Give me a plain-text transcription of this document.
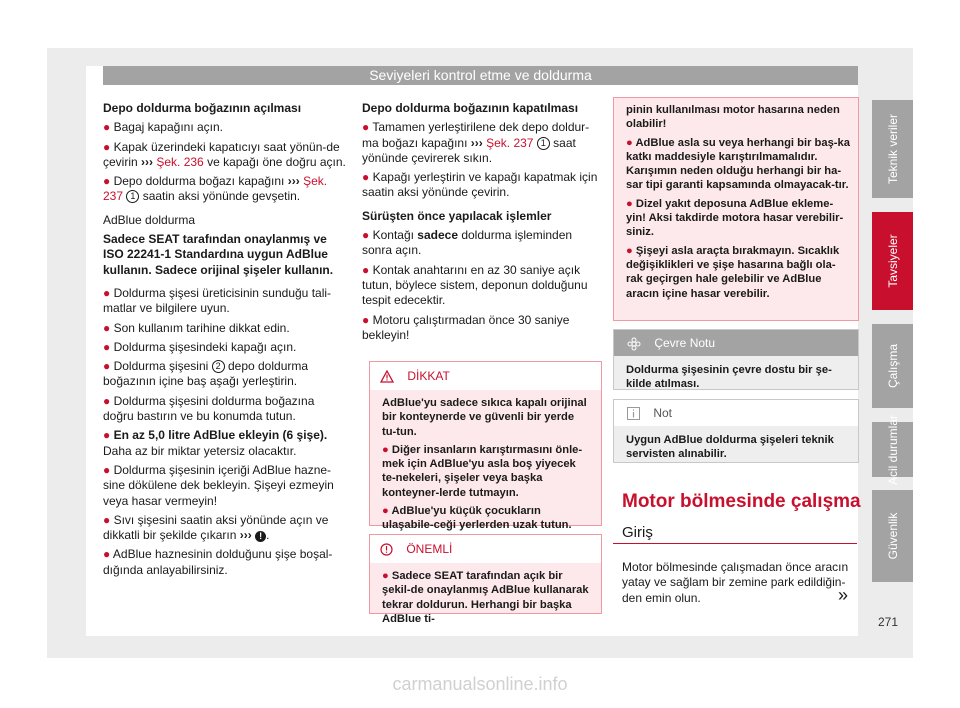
Seviyeleri kontrol etme ve doldurma

Depo doldurma boğazının açılması

● Bagaj kapağını açın.

● Kapak üzerindeki kapatıcıyı saat yönün-de çevirin ››› Şek. 236 ve kapağı öne doğru açın.

● Depo doldurma boğazı kapağını ››› Şek. 237 1 saatin aksi yönünde gevşetin.

AdBlue doldurma

Sadece SEAT tarafından onaylanmış ve ISO 22241-1 Standardına uygun AdBlue kullanın. Sadece orijinal şişeler kullanın.

● Doldurma şişesi üreticisinin sunduğu tali-matlar ve bilgilere uyun.

● Son kullanım tarihine dikkat edin.

● Doldurma şişesindeki kapağı açın.

● Doldurma şişesini 2 depo doldurma boğazının içine baş aşağı yerleştirin.

● Doldurma şişesini doldurma boğazına doğru bastırın ve bu konumda tutun.

● En az 5,0 litre AdBlue ekleyin (6 şişe). Daha az bir miktar yetersiz olacaktır.

● Doldurma şişesinin içeriği AdBlue hazne-sine dökülene dek bekleyin. Şişeyi ezmeyin veya hasar vermeyin!

● Sıvı şişesini saatin aksi yönünde açın ve dikkatli bir şekilde çıkarın ››› ! .

● AdBlue haznesinin dolduğunu şişe boşal-dığında anlayabilirsiniz.

Depo doldurma boğazının kapatılması

● Tamamen yerleştirilene dek depo doldur-ma boğazı kapağını ››› Şek. 237 1 saat yönünde çevirerek sıkın.

● Kapağı yerleştirin ve kapağı kapatmak için saatin aksi yönünde çevirin.

Sürüşten önce yapılacak işlemler

● Kontağı sadece doldurma işleminden sonra açın.

● Kontak anahtarını en az 30 saniye açık tutun, böylece sistem, deponun dolduğunu tespit edecektir.

● Motoru çalıştırmadan önce 30 saniye bekleyin!

DİKKAT

AdBlue'yu sadece sıkıca kapalı orijinal bir konteynerde ve güvenli bir yerde tu-tun.

● Diğer insanların karıştırmasını önle-mek için AdBlue'yu asla boş yiyecek te-nekeleri, şişeler veya başka konteyner-lerde tutmayın.

● AdBlue'yu küçük çocukların ulaşabile-ceği yerlerden uzak tutun.

ÖNEMLİ

● Sadece SEAT tarafından açık bir şekil-de onaylanmış AdBlue kullanarak tekrar doldurun. Herhangi bir başka AdBlue ti-

pinin kullanılması motor hasarına neden olabilir!

● AdBlue asla su veya herhangi bir baş-ka katkı maddesiyle karıştırılmamalıdır. Karışımın neden olduğu herhangi bir ha-sar tipi garanti kapsamında olmayacak-tır.

● Dizel yakıt deposuna AdBlue ekleme-yin! Aksi takdirde motora hasar verebilir-siniz.

● Şişeyi asla araçta bırakmayın. Sıcaklık değişiklikleri ve şişe hasarına bağlı ola-rak geçirgen hale gelebilir ve AdBlue aracın içine hasar verebilir.

Çevre Notu
Doldurma şişesinin çevre dostu bir şe-kilde atılması.
Not
Uygun AdBlue doldurma şişeleri teknik servisten alınabilir.
Motor bölmesinde çalışma
Giriş
Motor bölmesinde çalışmadan önce aracın yatay ve sağlam bir zemine park edildiğin-den emin olun.	»
Teknik veriler
Tavsiyeler
Çalışma
Acil durumlar
Güvenlik
271
carmanualsonline.info
